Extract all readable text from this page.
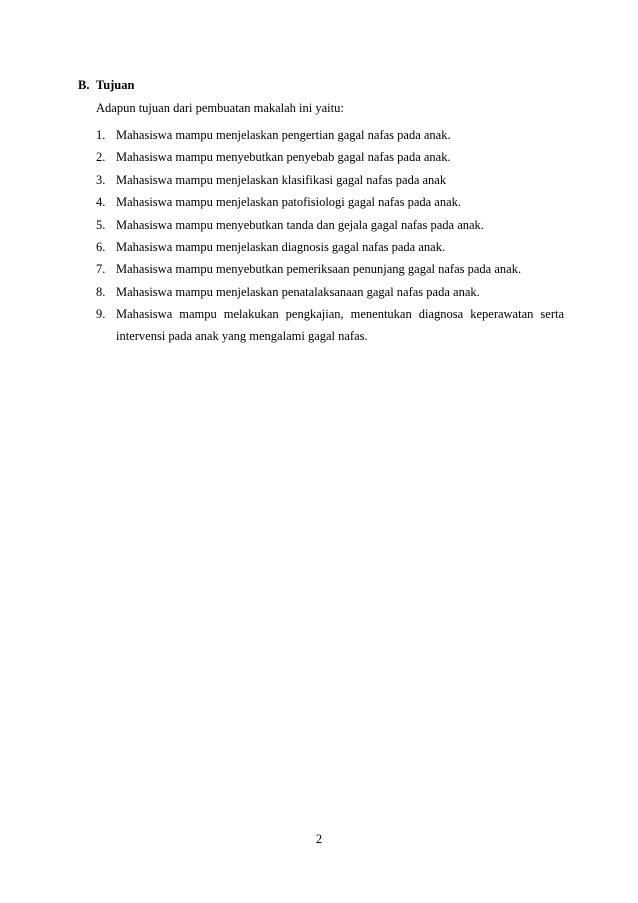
B. Tujuan
Adapun tujuan dari pembuatan makalah ini yaitu:
1. Mahasiswa mampu menjelaskan pengertian gagal nafas pada anak.
2. Mahasiswa mampu menyebutkan penyebab gagal nafas pada anak.
3. Mahasiswa mampu menjelaskan klasifikasi gagal nafas pada anak
4. Mahasiswa mampu menjelaskan patofisiologi gagal nafas pada anak.
5. Mahasiswa mampu menyebutkan tanda dan gejala gagal nafas pada anak.
6. Mahasiswa mampu menjelaskan diagnosis gagal nafas pada anak.
7. Mahasiswa mampu menyebutkan pemeriksaan penunjang gagal nafas pada anak.
8. Mahasiswa mampu menjelaskan penatalaksanaan gagal nafas pada anak.
9. Mahasiswa mampu melakukan pengkajian, menentukan diagnosa keperawatan serta intervensi pada anak yang mengalami gagal nafas.
2
